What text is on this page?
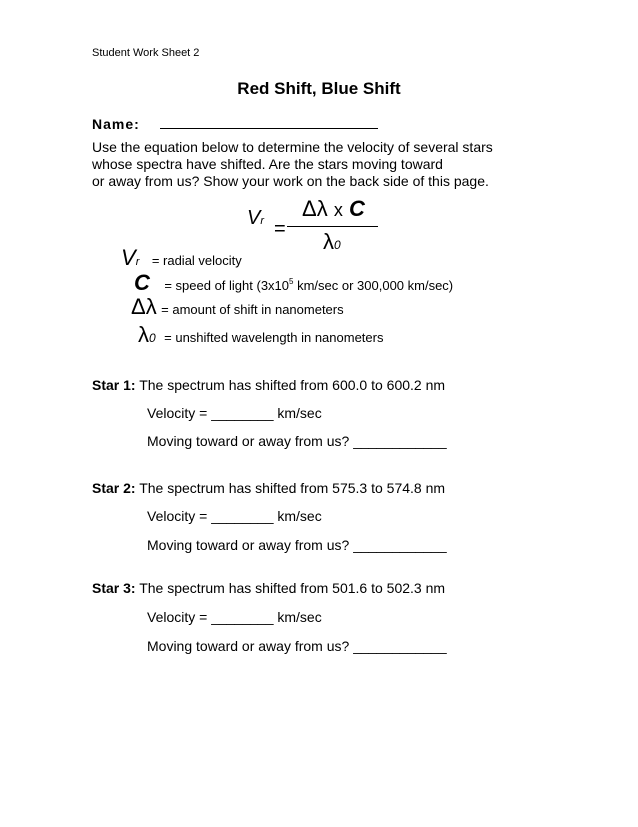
Student Work Sheet 2
Red Shift, Blue Shift
Name:
Use the equation below to determine the velocity of several stars
whose spectra have shifted. Are the stars moving toward
or away from us? Show your work on the back side of this page.
Vr =
Δλ x C
λ0
Vr = radial velocity
C = speed of light ($3x10^5$ km/sec or 300,000 km/sec)
Δλ = amount of shift in nanometers
λ0 = unshifted wavelength in nanometers
Star 1: The spectrum has shifted from 600.0 to 600.2 nm
Velocity = ________ km/sec
Moving toward or away from us? ____________
Star 2: The spectrum has shifted from 575.3 to 574.8 nm
Velocity = ________ km/sec
Moving toward or away from us? ____________
Star 3: The spectrum has shifted from 501.6 to 502.3 nm
Velocity = ________ km/sec
Moving toward or away from us? ____________
